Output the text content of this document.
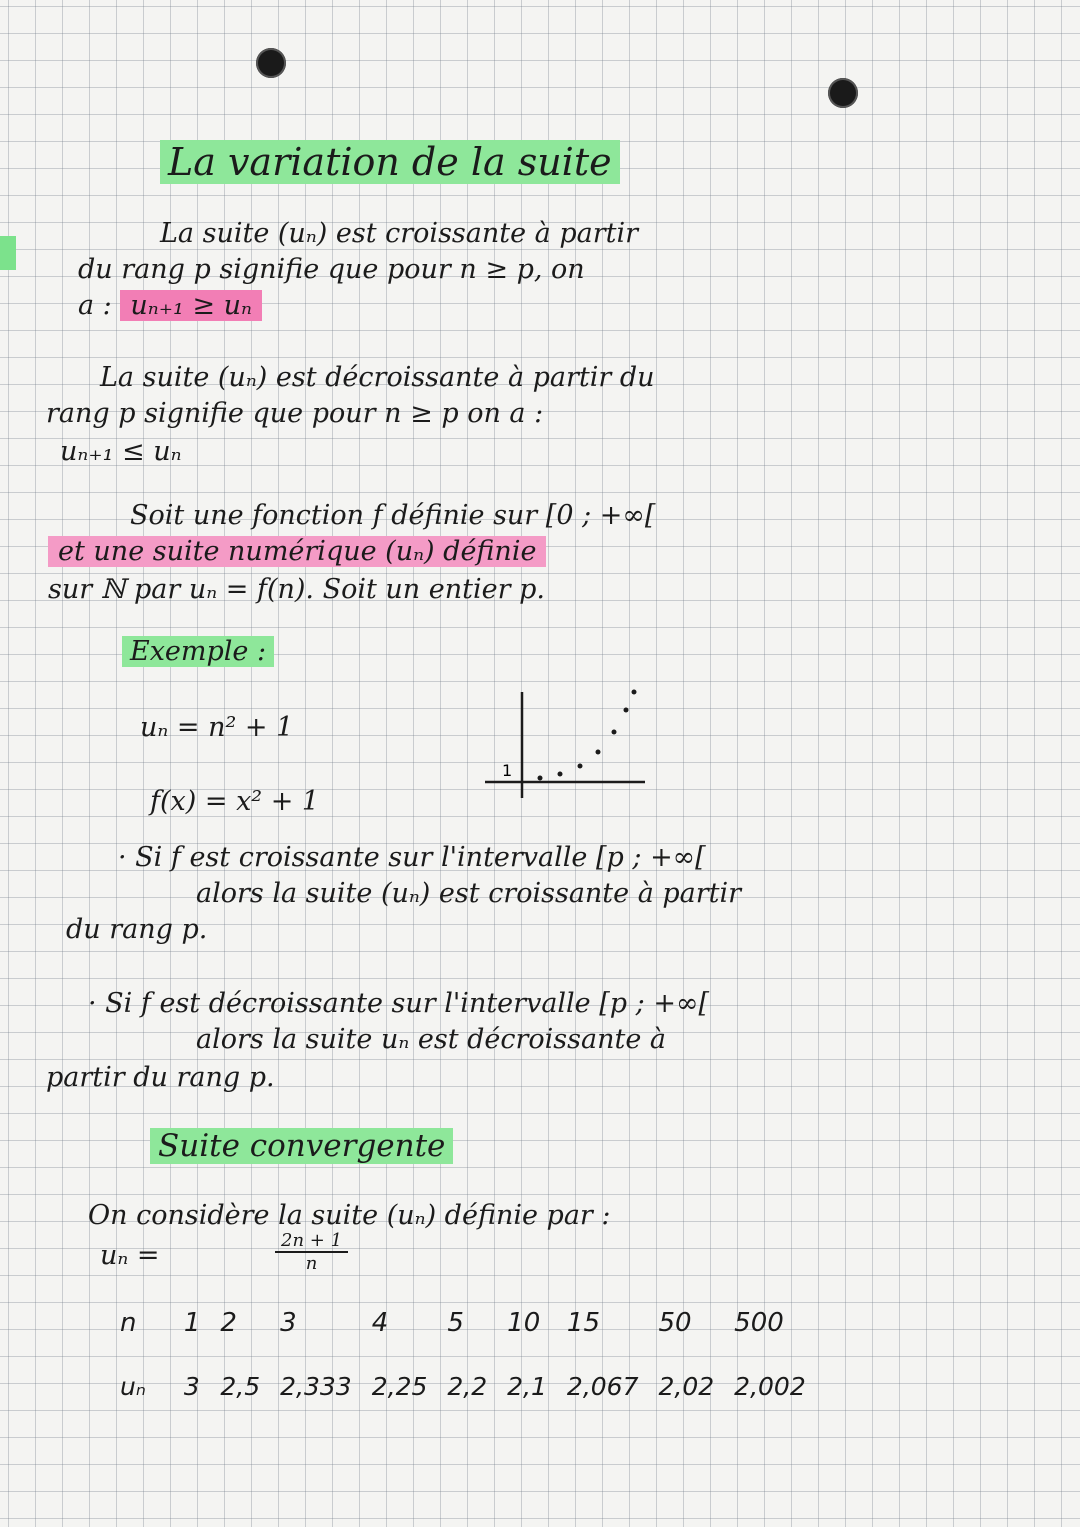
La variation de la suite
La suite (uₙ) est croissante à partir
du rang p signifie que pour n ≥ p, on
a : uₙ₊₁ ≥ uₙ
La suite (uₙ) est décroissante à partir du
rang p signifie que pour n ≥ p on a :
uₙ₊₁ ≤ uₙ
Soit une fonction f définie sur [0 ; +∞[
et une suite numérique (uₙ) définie
sur ℕ par uₙ = f(n). Soit un entier p.
Exemple :
uₙ = n² + 1
f(x) = x² + 1
1
· Si f est croissante sur l'intervalle [p ; +∞[
alors la suite (uₙ) est croissante à partir
du rang p.
· Si f est décroissante sur l'intervalle [p ; +∞[
alors la suite uₙ est décroissante à
partir du rang p.
Suite convergente
On considère la suite (uₙ) définie par :
uₙ =	$\frac{2n + 1}{n}$
n	1	2	3	4	5	10	15	50	500
uₙ	3	2,5	2,333	2,25	2,2	2,1	2,067	2,02	2,002
